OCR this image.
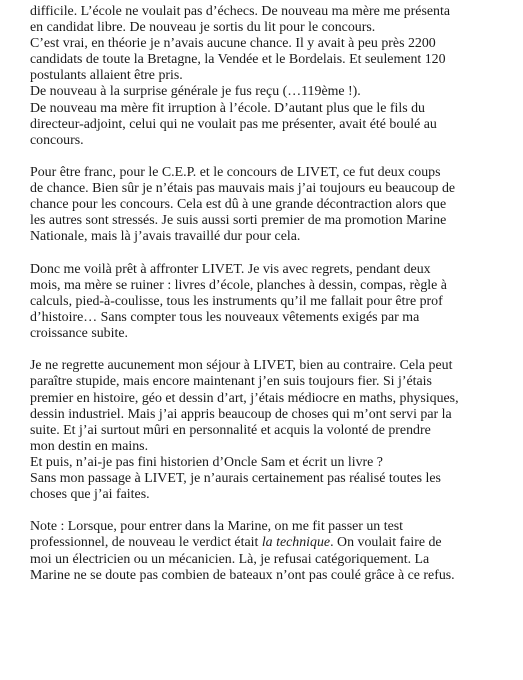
difficile. L’école ne voulait pas d’échecs. De nouveau ma mère me présenta
en candidat libre. De nouveau je sortis du lit pour le concours.
C’est vrai, en théorie je n’avais aucune chance. Il y avait à peu près 2200
candidats de toute la Bretagne, la Vendée et le Bordelais. Et seulement 120
postulants allaient être pris.
De nouveau à la surprise générale je fus reçu (…119ème !).
De nouveau ma mère fit irruption à l’école. D’autant plus que le fils du
directeur-adjoint, celui qui ne voulait pas me présenter, avait été boulé au
concours.
Pour être franc, pour le C.E.P. et le concours de LIVET, ce fut deux coups
de chance. Bien sûr je n’étais pas mauvais mais j’ai toujours eu beaucoup de
chance pour les concours. Cela est dû à une grande décontraction alors que
les autres sont stressés. Je suis aussi sorti premier de ma promotion Marine
Nationale, mais là j’avais travaillé dur pour cela.
Donc me voilà prêt à affronter LIVET. Je vis avec regrets, pendant deux
mois, ma mère se ruiner : livres d’école, planches à dessin, compas, règle à
calculs, pied-à-coulisse, tous les instruments qu’il me fallait pour être prof
d’histoire… Sans compter tous les nouveaux vêtements exigés par ma
croissance subite.
Je ne regrette aucunement mon séjour à LIVET, bien au contraire. Cela peut
paraître stupide, mais encore maintenant j’en suis toujours fier. Si j’étais
premier en histoire, géo et dessin d’art, j’étais médiocre en maths, physiques,
dessin industriel. Mais j’ai appris beaucoup de choses qui m’ont servi par la
suite. Et j’ai surtout mûri en personnalité et acquis la volonté de prendre
mon destin en mains.
Et puis, n’ai-je pas fini historien d’Oncle Sam et écrit un livre ?
Sans mon passage à LIVET, je n’aurais certainement pas réalisé toutes les
choses que j’ai faites.
Note : Lorsque, pour entrer dans la Marine, on me fit passer un test
professionnel, de nouveau le verdict était la technique. On voulait faire de
moi un électricien ou un mécanicien. Là, je refusai catégoriquement. La
Marine ne se doute pas combien de bateaux n’ont pas coulé grâce à ce refus.
